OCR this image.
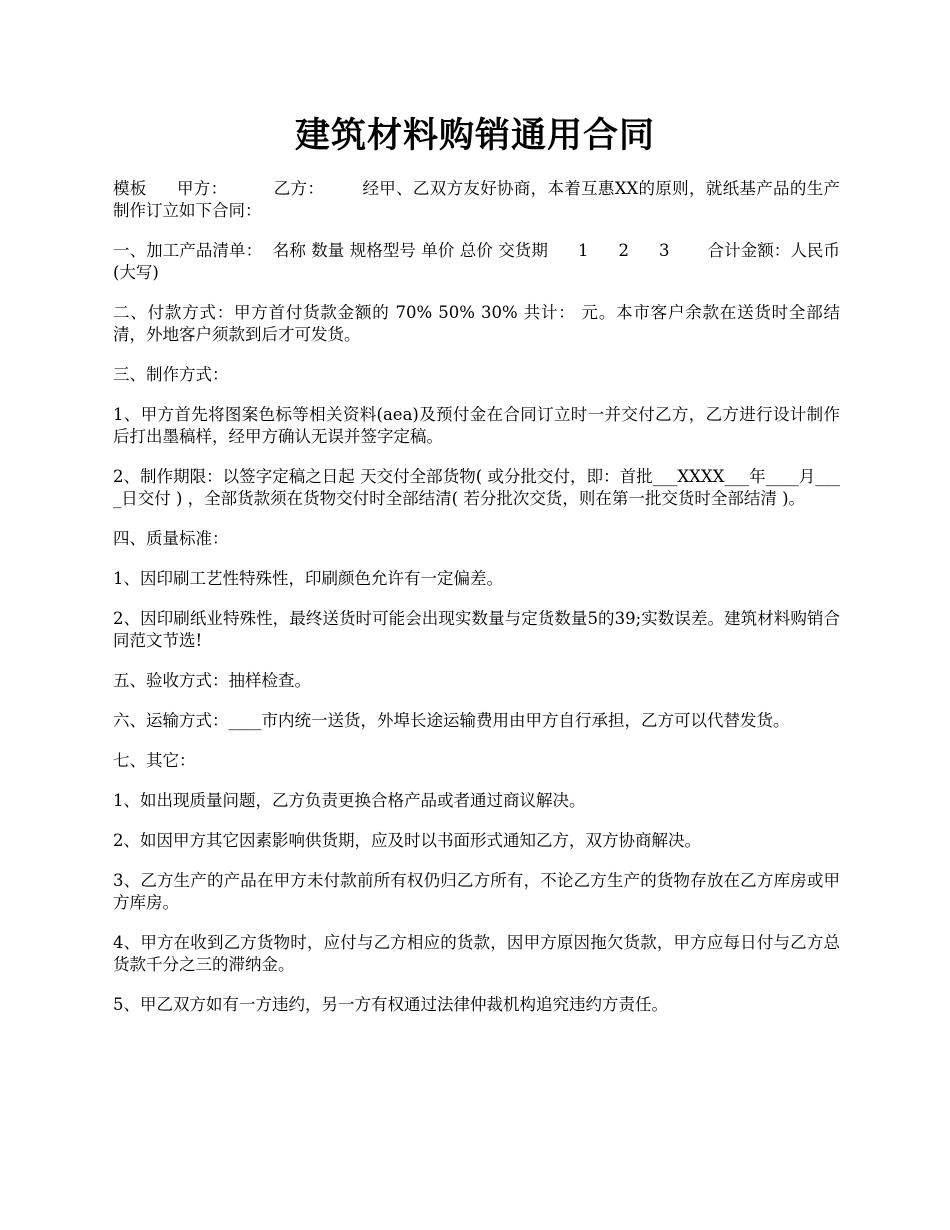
建筑材料购销通用合同
模板 甲方：	乙方： 经甲、乙双方友好协商，本着互惠XX的原则，就纸基产品的生产制作订立如下合同：
一、加工产品清单： 名称 数量 规格型号 单价 总价 交货期 1 2 3 合计金额：人民币(大写)
二、付款方式：甲方首付货款金额的 70% 50% 30% 共计： 元。本市客户余款在送货时全部结清，外地客户须款到后才可发货。
三、制作方式：
1、甲方首先将图案色标等相关资料(aea)及预付金在合同订立时一并交付乙方，乙方进行设计制作后打出墨稿样，经甲方确认无误并签字定稿。
2、制作期限：以签字定稿之日起 天交付全部货物( 或分批交付，即：首批___XXXX___年____月____日交付 ) ，全部货款须在货物交付时全部结清( 若分批次交货，则在第一批交货时全部结清 )。
四、质量标准：
1、因印刷工艺性特殊性，印刷颜色允许有一定偏差。
2、因印刷纸业特殊性，最终送货时可能会出现实数量与定货数量5的39;实数误差。建筑材料购销合同范文节选!
五、验收方式：抽样检查。
六、运输方式：____市内统一送货，外埠长途运输费用由甲方自行承担，乙方可以代替发货。
七、其它：
1、如出现质量问题，乙方负责更换合格产品或者通过商议解决。
2、如因甲方其它因素影响供货期，应及时以书面形式通知乙方，双方协商解决。
3、乙方生产的产品在甲方未付款前所有权仍归乙方所有，不论乙方生产的货物存放在乙方库房或甲方库房。
4、甲方在收到乙方货物时，应付与乙方相应的货款，因甲方原因拖欠货款，甲方应每日付与乙方总货款千分之三的滞纳金。
5、甲乙双方如有一方违约，另一方有权通过法律仲裁机构追究违约方责任。
